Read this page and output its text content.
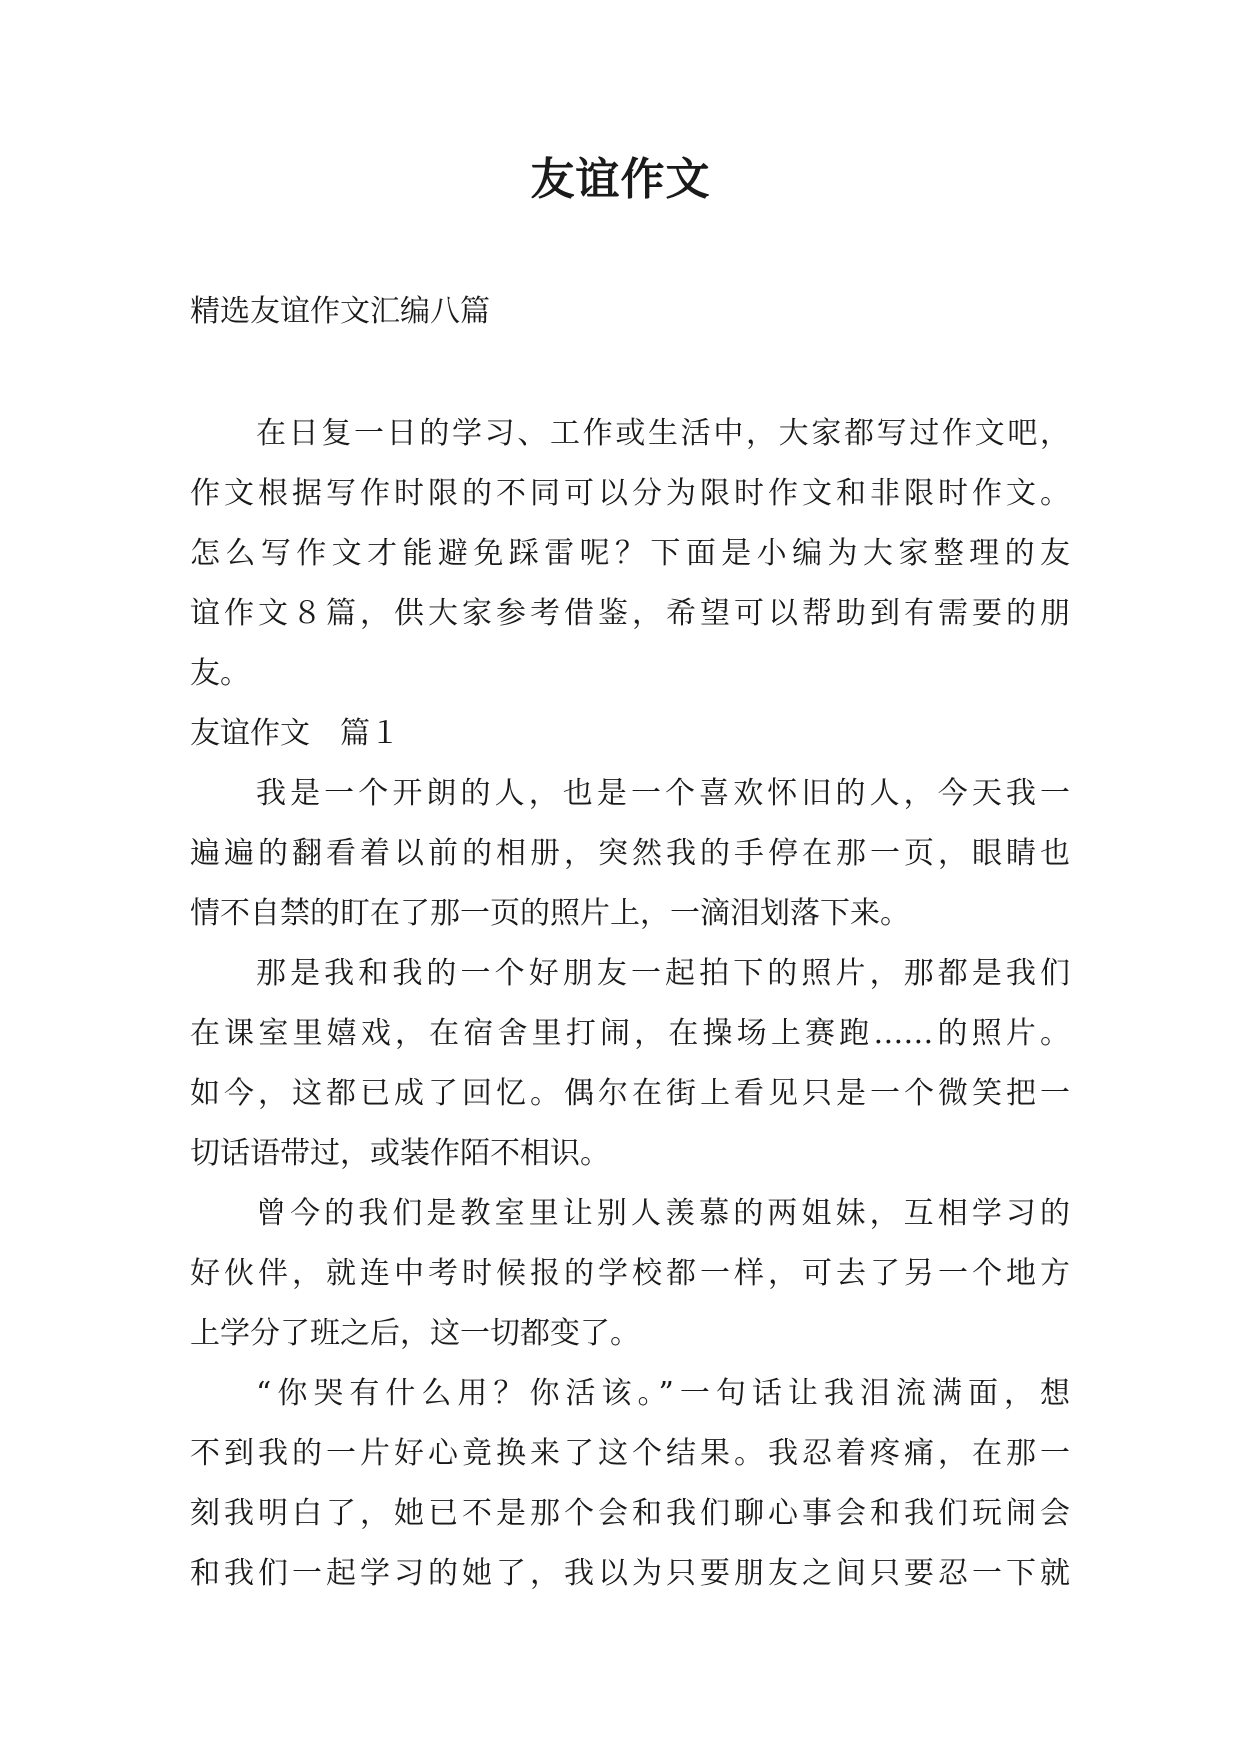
友谊作文
精选友谊作文汇编八篇
在日复一日的学习、工作或生活中，大家都写过作文吧，
作文根据写作时限的不同可以分为限时作文和非限时作文。
怎么写作文才能避免踩雷呢？下面是小编为大家整理的友
谊作文８篇，供大家参考借鉴，希望可以帮助到有需要的朋
友。
友谊作文　篇１
我是一个开朗的人，也是一个喜欢怀旧的人，今天我一
遍遍的翻看着以前的相册，突然我的手停在那一页，眼睛也
情不自禁的盯在了那一页的照片上，一滴泪划落下来。
那是我和我的一个好朋友一起拍下的照片，那都是我们
在课室里嬉戏，在宿舍里打闹，在操场上赛跑……的照片。
如今，这都已成了回忆。偶尔在街上看见只是一个微笑把一
切话语带过，或装作陌不相识。
曾今的我们是教室里让别人羡慕的两姐妹，互相学习的
好伙伴，就连中考时候报的学校都一样，可去了另一个地方
上学分了班之后，这一切都变了。
“你哭有什么用？你活该。”一句话让我泪流满面，想
不到我的一片好心竟换来了这个结果。我忍着疼痛，在那一
刻我明白了，她已不是那个会和我们聊心事会和我们玩闹会
和我们一起学习的她了，我以为只要朋友之间只要忍一下就
